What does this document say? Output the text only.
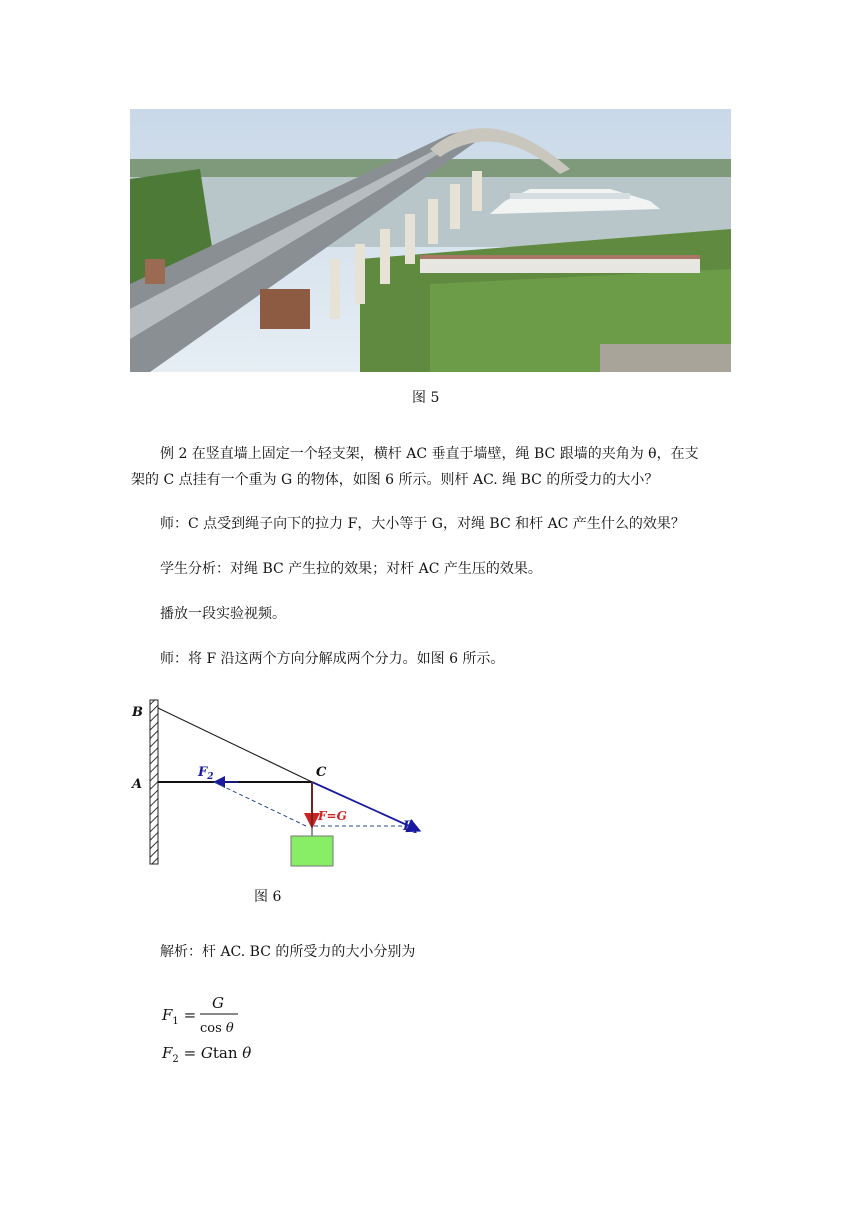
图 5
例 2 在竖直墙上固定一个轻支架，横杆 AC 垂直于墙壁，绳 BC 跟墙的夹角为 θ，在支
架的 C 点挂有一个重为 G 的物体，如图 6 所示。则杆 AC. 绳 BC 的所受力的大小？
师：C 点受到绳子向下的拉力 F，大小等于 G，对绳 BC 和杆 AC 产生什么的效果？
学生分析：对绳 BC 产生拉的效果；对杆 AC 产生压的效果。
播放一段实验视频。
师：将 F 沿这两个方向分解成两个分力。如图 6 所示。
B
A
C
$F_2$
$F_1$
F=G
图 6
解析：杆 AC. BC 的所受力的大小分别为
$F_1$ =
G
cos θ
$F_2 = Gtan$ θ
